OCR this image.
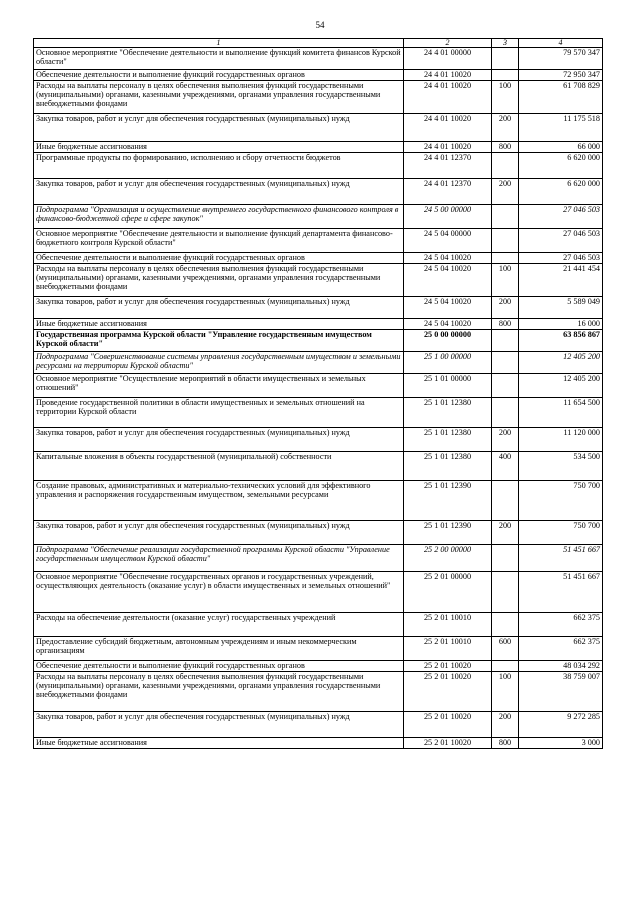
54
1	2	3	4
Основное мероприятие "Обеспечение деятельности и выполнение функций комитета финансов Курской области"	24 4 01 00000		79 570 347
Обеспечение деятельности и выполнение функций государственных органов	24 4 01 10020		72 950 347
Расходы на выплаты персоналу в целях обеспечения выполнения функций государственными (муниципальными) органами, казенными учреждениями, органами управления государственными внебюджетными фондами	24 4 01 10020	100	61 708 829
Закупка товаров, работ и услуг для обеспечения государственных (муниципальных) нужд	24 4 01 10020	200	11 175 518
Иные бюджетные ассигнования	24 4 01 10020	800	66 000
Программные продукты по формированию, исполнению и сбору отчетности бюджетов	24 4 01 12370		6 620 000
Закупка товаров, работ и услуг для обеспечения государственных (муниципальных) нужд	24 4 01 12370	200	6 620 000
Подпрограмма "Организация и осуществление внутреннего государственного финансового контроля в финансово-бюджетной сфере и сфере закупок"	24 5 00 00000		27 046 503
Основное мероприятие "Обеспечение деятельности и выполнение функций департамента финансово-бюджетного контроля Курской области"	24 5 04 00000		27 046 503
Обеспечение деятельности и выполнение функций государственных органов	24 5 04 10020		27 046 503
Расходы на выплаты персоналу в целях обеспечения выполнения функций государственными (муниципальными) органами, казенными учреждениями, органами управления государственными внебюджетными фондами	24 5 04 10020	100	21 441 454
Закупка товаров, работ и услуг для обеспечения государственных (муниципальных) нужд	24 5 04 10020	200	5 589 049
Иные бюджетные ассигнования	24 5 04 10020	800	16 000
Государственная программа Курской области "Управление государственным имуществом Курской области"	25 0 00 00000		63 856 867
Подпрограмма "Совершенствование системы управления государственным имуществом и земельными ресурсами на территории Курской области"	25 1 00 00000		12 405 200
Основное мероприятие "Осуществление мероприятий в области имущественных и земельных отношений"	25 1 01 00000		12 405 200
Проведение государственной политики в области имущественных и земельных отношений на территории Курской области	25 1 01 12380		11 654 500
Закупка товаров, работ и услуг для обеспечения государственных (муниципальных) нужд	25 1 01 12380	200	11 120 000
Капитальные вложения в объекты государственной (муниципальной) собственности	25 1 01 12380	400	534 500
Создание правовых, административных и материально-технических условий для эффективного управления и распоряжения государственным имуществом, земельными ресурсами	25 1 01 12390		750 700
Закупка товаров, работ и услуг для обеспечения государственных (муниципальных) нужд	25 1 01 12390	200	750 700
Подпрограмма "Обеспечение реализации государственной программы Курской области "Управление государственным имуществом Курской области"	25 2 00 00000		51 451 667
Основное мероприятие "Обеспечение государственных органов и государственных учреждений, осуществляющих деятельность (оказание услуг) в области имущественных и земельных отношений"	25 2 01 00000		51 451 667
Расходы на обеспечение деятельности (оказание услуг) государственных учреждений	25 2 01 10010		662 375
Предоставление субсидий бюджетным, автономным учреждениям и иным некоммерческим организациям	25 2 01 10010	600	662 375
Обеспечение деятельности и выполнение функций государственных органов	25 2 01 10020		48 034 292
Расходы на выплаты персоналу в целях обеспечения выполнения функций государственными (муниципальными) органами, казенными учреждениями, органами управления государственными внебюджетными фондами	25 2 01 10020	100	38 759 007
Закупка товаров, работ и услуг для обеспечения государственных (муниципальных) нужд	25 2 01 10020	200	9 272 285
Иные бюджетные ассигнования	25 2 01 10020	800	3 000
